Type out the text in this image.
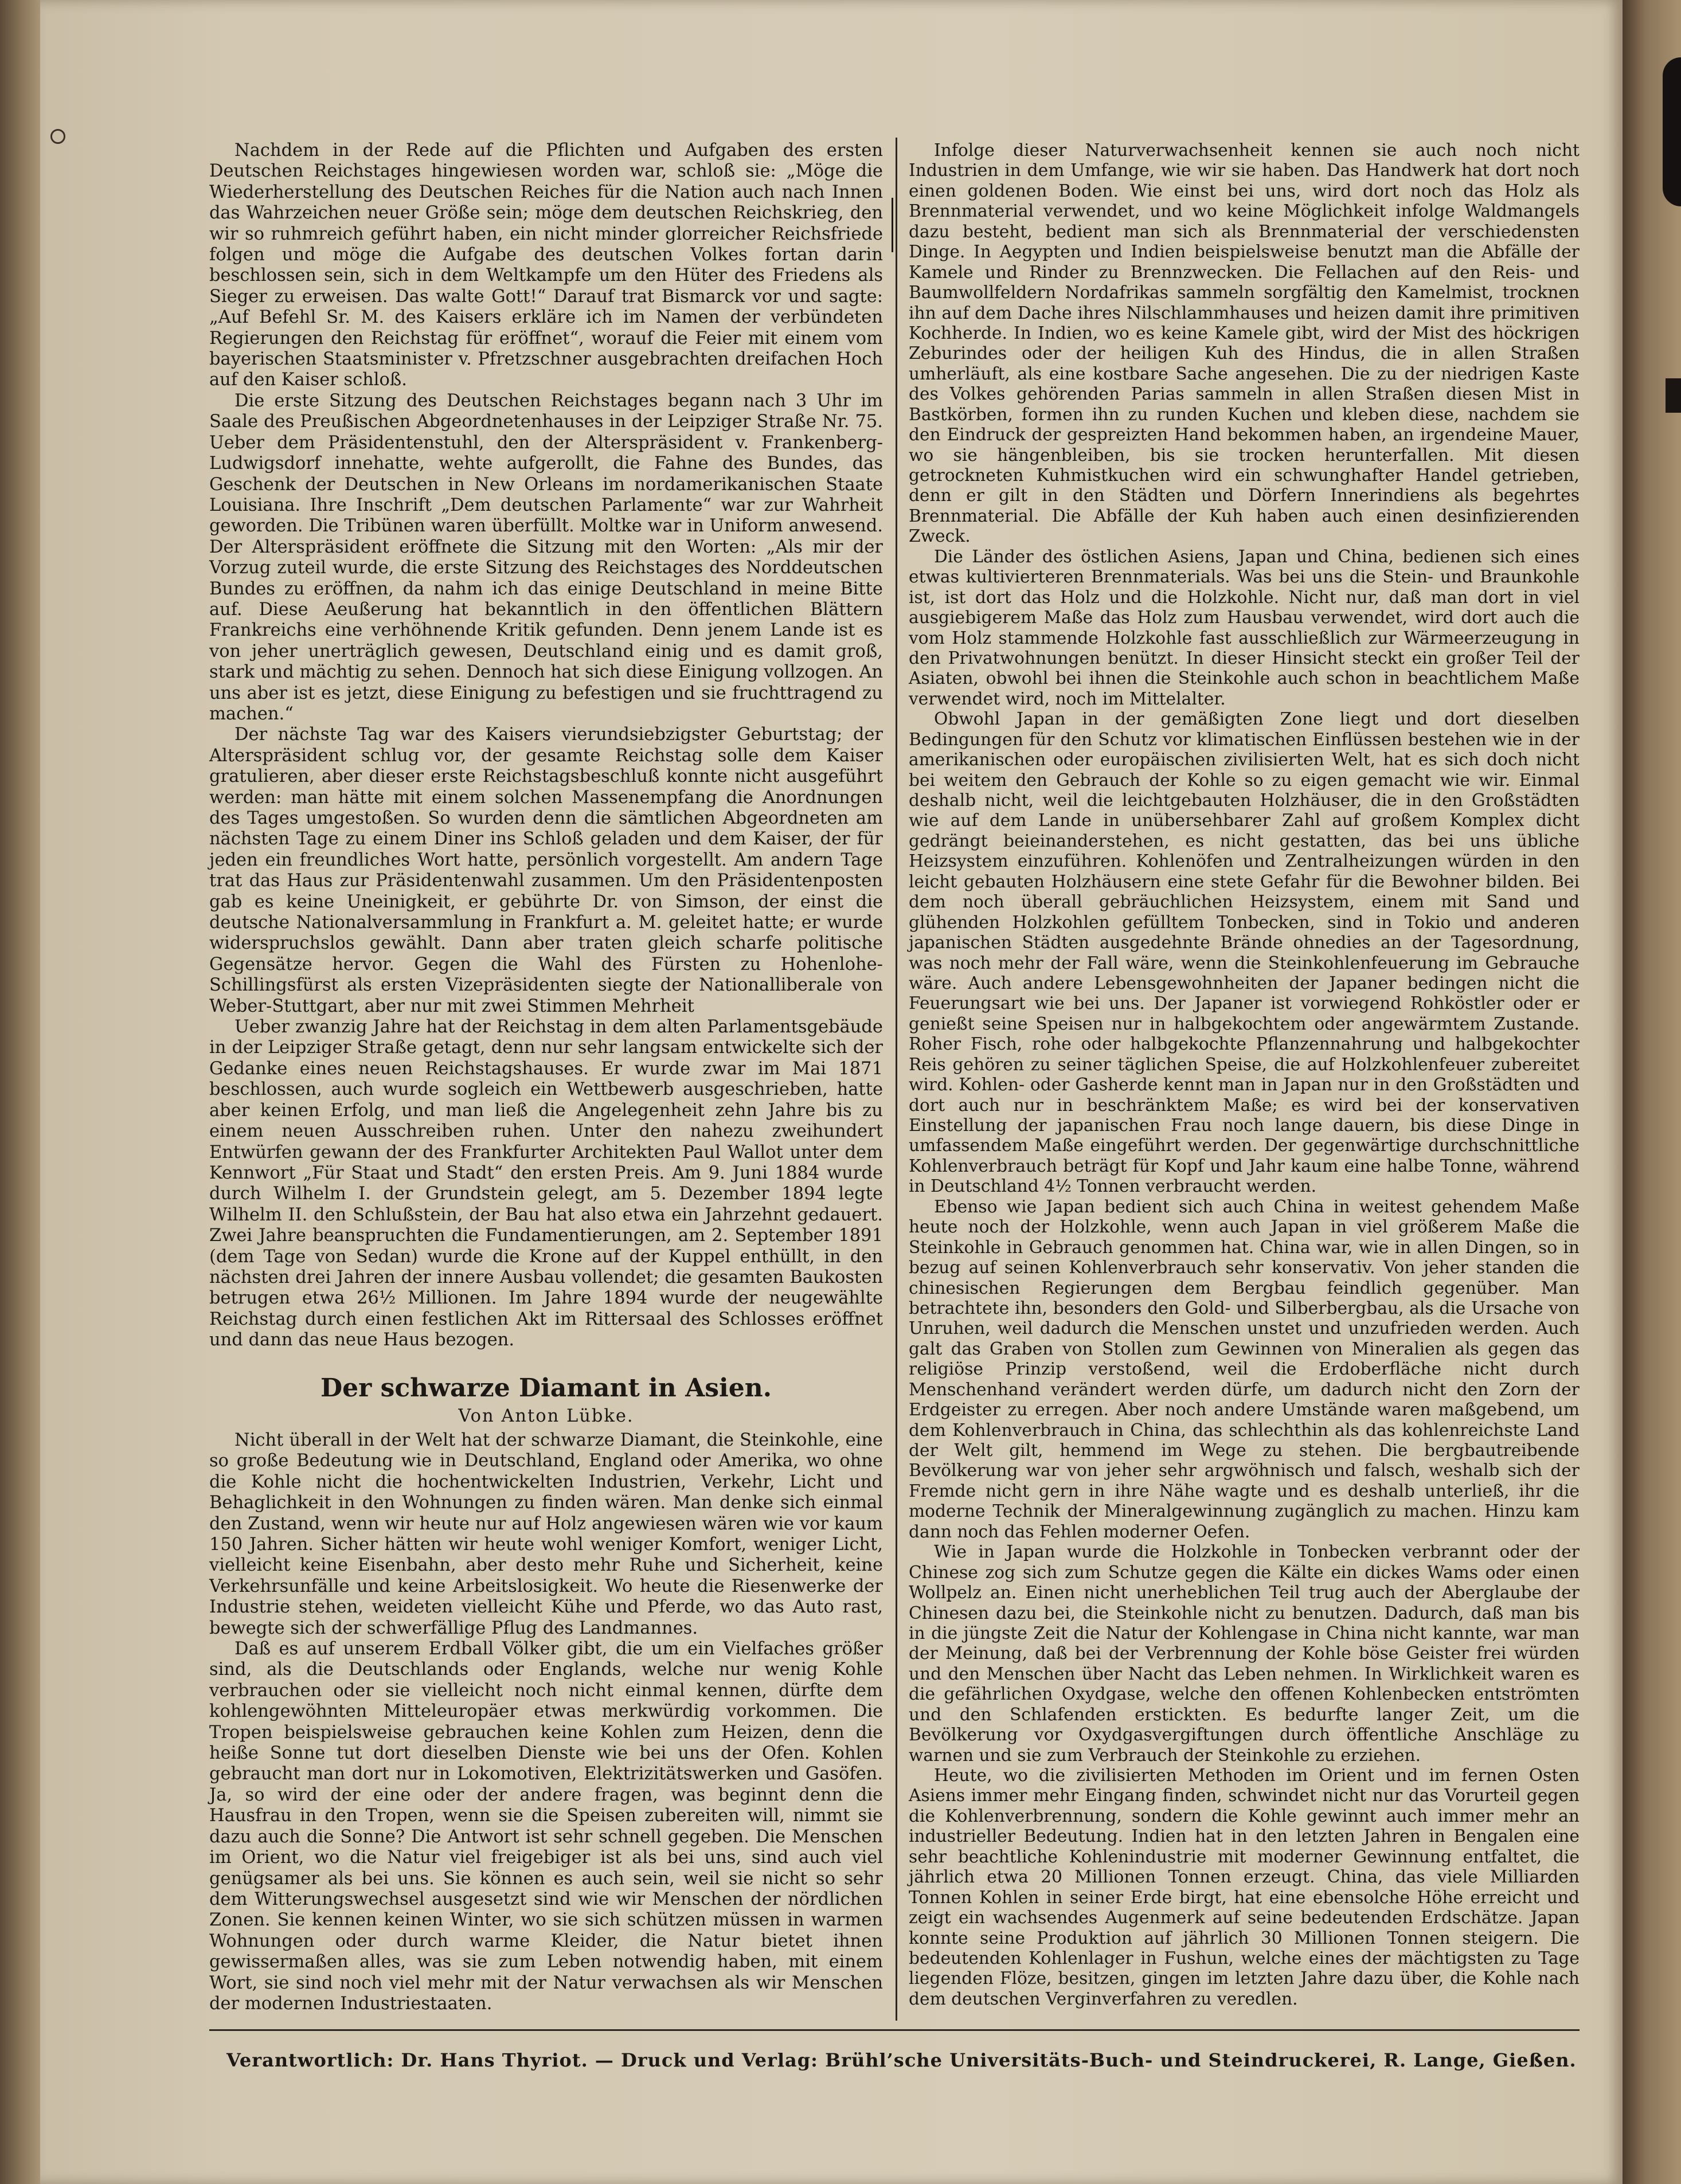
Nachdem in der Rede auf die Pflichten und Aufgaben des ersten Deutschen Reichstages hingewiesen worden war, schloß sie: „Möge die Wiederherstellung des Deutschen Reiches für die Nation auch nach Innen das Wahrzeichen neuer Größe sein; möge dem deutschen Reichskrieg, den wir so ruhmreich geführt haben, ein nicht minder glorreicher Reichsfriede folgen und möge die Aufgabe des deutschen Volkes fortan darin beschlossen sein, sich in dem Weltkampfe um den Hüter des Friedens als Sieger zu erweisen. Das walte Gott!“ Darauf trat Bismarck vor und sagte: „Auf Befehl Sr. M. des Kaisers erkläre ich im Namen der verbündeten Regierungen den Reichstag für eröffnet“, worauf die Feier mit einem vom bayerischen Staatsminister v. Pfretzschner ausgebrachten dreifachen Hoch auf den Kaiser schloß.

Die erste Sitzung des Deutschen Reichstages begann nach 3 Uhr im Saale des Preußischen Abgeordnetenhauses in der Leipziger Straße Nr. 75. Ueber dem Präsidentenstuhl, den der Alterspräsident v. Frankenberg-Ludwigsdorf innehatte, wehte aufgerollt, die Fahne des Bundes, das Geschenk der Deutschen in New Orleans im nordamerikanischen Staate Louisiana. Ihre Inschrift „Dem deutschen Parlamente“ war zur Wahrheit geworden. Die Tribünen waren überfüllt. Moltke war in Uniform anwesend. Der Alterspräsident eröffnete die Sitzung mit den Worten: „Als mir der Vorzug zuteil wurde, die erste Sitzung des Reichstages des Norddeutschen Bundes zu eröffnen, da nahm ich das einige Deutschland in meine Bitte auf. Diese Aeußerung hat bekanntlich in den öffentlichen Blättern Frankreichs eine verhöhnende Kritik gefunden. Denn jenem Lande ist es von jeher unerträglich gewesen, Deutschland einig und es damit groß, stark und mächtig zu sehen. Dennoch hat sich diese Einigung vollzogen. An uns aber ist es jetzt, diese Einigung zu befestigen und sie fruchttragend zu machen.“

Der nächste Tag war des Kaisers vierundsiebzigster Geburtstag; der Alterspräsident schlug vor, der gesamte Reichstag solle dem Kaiser gratulieren, aber dieser erste Reichstagsbeschluß konnte nicht ausgeführt werden: man hätte mit einem solchen Massenempfang die Anordnungen des Tages umgestoßen. So wurden denn die sämtlichen Abgeordneten am nächsten Tage zu einem Diner ins Schloß geladen und dem Kaiser, der für jeden ein freundliches Wort hatte, persönlich vorgestellt. Am andern Tage trat das Haus zur Präsidentenwahl zusammen. Um den Präsidentenposten gab es keine Uneinigkeit, er gebührte Dr. von Simson, der einst die deutsche Nationalversammlung in Frankfurt a. M. geleitet hatte; er wurde widerspruchslos gewählt. Dann aber traten gleich scharfe politische Gegensätze hervor. Gegen die Wahl des Fürsten zu Hohenlohe-Schillingsfürst als ersten Vizepräsidenten siegte der Nationalliberale von Weber-Stuttgart, aber nur mit zwei Stimmen Mehrheit

Ueber zwanzig Jahre hat der Reichstag in dem alten Parlamentsgebäude in der Leipziger Straße getagt, denn nur sehr langsam entwickelte sich der Gedanke eines neuen Reichstagshauses. Er wurde zwar im Mai 1871 beschlossen, auch wurde sogleich ein Wettbewerb ausgeschrieben, hatte aber keinen Erfolg, und man ließ die Angelegenheit zehn Jahre bis zu einem neuen Ausschreiben ruhen. Unter den nahezu zweihundert Entwürfen gewann der des Frankfurter Architekten Paul Wallot unter dem Kennwort „Für Staat und Stadt“ den ersten Preis. Am 9. Juni 1884 wurde durch Wilhelm I. der Grundstein gelegt, am 5. Dezember 1894 legte Wilhelm II. den Schlußstein, der Bau hat also etwa ein Jahrzehnt gedauert. Zwei Jahre beanspruchten die Fundamentierungen, am 2. September 1891 (dem Tage von Sedan) wurde die Krone auf der Kuppel enthüllt, in den nächsten drei Jahren der innere Ausbau vollendet; die gesamten Baukosten betrugen etwa 26½ Millionen. Im Jahre 1894 wurde der neugewählte Reichstag durch einen festlichen Akt im Rittersaal des Schlosses eröffnet und dann das neue Haus bezogen.

Der schwarze Diamant in Asien.

Von Anton Lübke.

Nicht überall in der Welt hat der schwarze Diamant, die Steinkohle, eine so große Bedeutung wie in Deutschland, England oder Amerika, wo ohne die Kohle nicht die hochentwickelten Industrien, Verkehr, Licht und Behaglichkeit in den Wohnungen zu finden wären. Man denke sich einmal den Zustand, wenn wir heute nur auf Holz angewiesen wären wie vor kaum 150 Jahren. Sicher hätten wir heute wohl weniger Komfort, weniger Licht, vielleicht keine Eisenbahn, aber desto mehr Ruhe und Sicherheit, keine Verkehrsunfälle und keine Arbeitslosigkeit. Wo heute die Riesenwerke der Industrie stehen, weideten vielleicht Kühe und Pferde, wo das Auto rast, bewegte sich der schwerfällige Pflug des Landmannes.

Daß es auf unserem Erdball Völker gibt, die um ein Vielfaches größer sind, als die Deutschlands oder Englands, welche nur wenig Kohle verbrauchen oder sie vielleicht noch nicht einmal kennen, dürfte dem kohlengewöhnten Mitteleuropäer etwas merkwürdig vorkommen. Die Tropen beispielsweise gebrauchen keine Kohlen zum Heizen, denn die heiße Sonne tut dort dieselben Dienste wie bei uns der Ofen. Kohlen gebraucht man dort nur in Lokomotiven, Elektrizitätswerken und Gasöfen. Ja, so wird der eine oder der andere fragen, was beginnt denn die Hausfrau in den Tropen, wenn sie die Speisen zubereiten will, nimmt sie dazu auch die Sonne? Die Antwort ist sehr schnell gegeben. Die Menschen im Orient, wo die Natur viel freigebiger ist als bei uns, sind auch viel genügsamer als bei uns. Sie können es auch sein, weil sie nicht so sehr dem Witterungswechsel ausgesetzt sind wie wir Menschen der nördlichen Zonen. Sie kennen keinen Winter, wo sie sich schützen müssen in warmen Wohnungen oder durch warme Kleider, die Natur bietet ihnen gewissermaßen alles, was sie zum Leben notwendig haben, mit einem Wort, sie sind noch viel mehr mit der Natur verwachsen als wir Menschen der modernen Industriestaaten.

Infolge dieser Naturverwachsenheit kennen sie auch noch nicht Industrien in dem Umfange, wie wir sie haben. Das Handwerk hat dort noch einen goldenen Boden. Wie einst bei uns, wird dort noch das Holz als Brennmaterial verwendet, und wo keine Möglichkeit infolge Waldmangels dazu besteht, bedient man sich als Brennmaterial der verschiedensten Dinge. In Aegypten und Indien beispielsweise benutzt man die Abfälle der Kamele und Rinder zu Brennzwecken. Die Fellachen auf den Reis- und Baumwollfeldern Nordafrikas sammeln sorgfältig den Kamelmist, trocknen ihn auf dem Dache ihres Nilschlammhauses und heizen damit ihre primitiven Kochherde. In Indien, wo es keine Kamele gibt, wird der Mist des höckrigen Zeburindes oder der heiligen Kuh des Hindus, die in allen Straßen umherläuft, als eine kostbare Sache angesehen. Die zu der niedrigen Kaste des Volkes gehörenden Parias sammeln in allen Straßen diesen Mist in Bastkörben, formen ihn zu runden Kuchen und kleben diese, nachdem sie den Eindruck der gespreizten Hand bekommen haben, an irgendeine Mauer, wo sie hängenbleiben, bis sie trocken herunterfallen. Mit diesen getrockneten Kuhmistkuchen wird ein schwunghafter Handel getrieben, denn er gilt in den Städten und Dörfern Innerindiens als begehrtes Brennmaterial. Die Abfälle der Kuh haben auch einen desinfizierenden Zweck.

Die Länder des östlichen Asiens, Japan und China, bedienen sich eines etwas kultivierteren Brennmaterials. Was bei uns die Stein- und Braunkohle ist, ist dort das Holz und die Holzkohle. Nicht nur, daß man dort in viel ausgiebigerem Maße das Holz zum Hausbau verwendet, wird dort auch die vom Holz stammende Holzkohle fast ausschließlich zur Wärmeerzeugung in den Privatwohnungen benützt. In dieser Hinsicht steckt ein großer Teil der Asiaten, obwohl bei ihnen die Steinkohle auch schon in beachtlichem Maße verwendet wird, noch im Mittelalter.

Obwohl Japan in der gemäßigten Zone liegt und dort dieselben Bedingungen für den Schutz vor klimatischen Einflüssen bestehen wie in der amerikanischen oder europäischen zivilisierten Welt, hat es sich doch nicht bei weitem den Gebrauch der Kohle so zu eigen gemacht wie wir. Einmal deshalb nicht, weil die leichtgebauten Holzhäuser, die in den Großstädten wie auf dem Lande in unübersehbarer Zahl auf großem Komplex dicht gedrängt beieinanderstehen, es nicht gestatten, das bei uns übliche Heizsystem einzuführen. Kohlenöfen und Zentralheizungen würden in den leicht gebauten Holzhäusern eine stete Gefahr für die Bewohner bilden. Bei dem noch überall gebräuchlichen Heizsystem, einem mit Sand und glühenden Holzkohlen gefülltem Tonbecken, sind in Tokio und anderen japanischen Städten ausgedehnte Brände ohnedies an der Tagesordnung, was noch mehr der Fall wäre, wenn die Steinkohlenfeuerung im Gebrauche wäre. Auch andere Lebensgewohnheiten der Japaner bedingen nicht die Feuerungsart wie bei uns. Der Japaner ist vorwiegend Rohköstler oder er genießt seine Speisen nur in halbgekochtem oder angewärmtem Zustande. Roher Fisch, rohe oder halbgekochte Pflanzennahrung und halbgekochter Reis gehören zu seiner täglichen Speise, die auf Holzkohlenfeuer zubereitet wird. Kohlen- oder Gasherde kennt man in Japan nur in den Großstädten und dort auch nur in beschränktem Maße; es wird bei der konservativen Einstellung der japanischen Frau noch lange dauern, bis diese Dinge in umfassendem Maße eingeführt werden. Der gegenwärtige durchschnittliche Kohlenverbrauch beträgt für Kopf und Jahr kaum eine halbe Tonne, während in Deutschland 4½ Tonnen verbraucht werden.

Ebenso wie Japan bedient sich auch China in weitest gehendem Maße heute noch der Holzkohle, wenn auch Japan in viel größerem Maße die Steinkohle in Gebrauch genommen hat. China war, wie in allen Dingen, so in bezug auf seinen Kohlenverbrauch sehr konservativ. Von jeher standen die chinesischen Regierungen dem Bergbau feindlich gegenüber. Man betrachtete ihn, besonders den Gold- und Silberbergbau, als die Ursache von Unruhen, weil dadurch die Menschen unstet und unzufrieden werden. Auch galt das Graben von Stollen zum Gewinnen von Mineralien als gegen das religiöse Prinzip verstoßend, weil die Erdoberfläche nicht durch Menschenhand verändert werden dürfe, um dadurch nicht den Zorn der Erdgeister zu erregen. Aber noch andere Umstände waren maßgebend, um dem Kohlenverbrauch in China, das schlechthin als das kohlenreichste Land der Welt gilt, hemmend im Wege zu stehen. Die bergbautreibende Bevölkerung war von jeher sehr argwöhnisch und falsch, weshalb sich der Fremde nicht gern in ihre Nähe wagte und es deshalb unterließ, ihr die moderne Technik der Mineralgewinnung zugänglich zu machen. Hinzu kam dann noch das Fehlen moderner Oefen.

Wie in Japan wurde die Holzkohle in Tonbecken verbrannt oder der Chinese zog sich zum Schutze gegen die Kälte ein dickes Wams oder einen Wollpelz an. Einen nicht unerheblichen Teil trug auch der Aberglaube der Chinesen dazu bei, die Steinkohle nicht zu benutzen. Dadurch, daß man bis in die jüngste Zeit die Natur der Kohlengase in China nicht kannte, war man der Meinung, daß bei der Verbrennung der Kohle böse Geister frei würden und den Menschen über Nacht das Leben nehmen. In Wirklichkeit waren es die gefährlichen Oxydgase, welche den offenen Kohlenbecken entströmten und den Schlafenden erstickten. Es bedurfte langer Zeit, um die Bevölkerung vor Oxydgasvergiftungen durch öffentliche Anschläge zu warnen und sie zum Verbrauch der Steinkohle zu erziehen.

Heute, wo die zivilisierten Methoden im Orient und im fernen Osten Asiens immer mehr Eingang finden, schwindet nicht nur das Vorurteil gegen die Kohlenverbrennung, sondern die Kohle gewinnt auch immer mehr an industrieller Bedeutung. Indien hat in den letzten Jahren in Bengalen eine sehr beachtliche Kohlenindustrie mit moderner Gewinnung entfaltet, die jährlich etwa 20 Millionen Tonnen erzeugt. China, das viele Milliarden Tonnen Kohlen in seiner Erde birgt, hat eine ebensolche Höhe erreicht und zeigt ein wachsendes Augenmerk auf seine bedeutenden Erdschätze. Japan konnte seine Produktion auf jährlich 30 Millionen Tonnen steigern. Die bedeutenden Kohlenlager in Fushun, welche eines der mächtigsten zu Tage liegenden Flöze, besitzen, gingen im letzten Jahre dazu über, die Kohle nach dem deutschen Verginverfahren zu veredlen.

Verantwortlich: Dr. Hans Thyriot. — Druck und Verlag: Brühl’sche Universitäts-Buch- und Steindruckerei, R. Lange, Gießen.
